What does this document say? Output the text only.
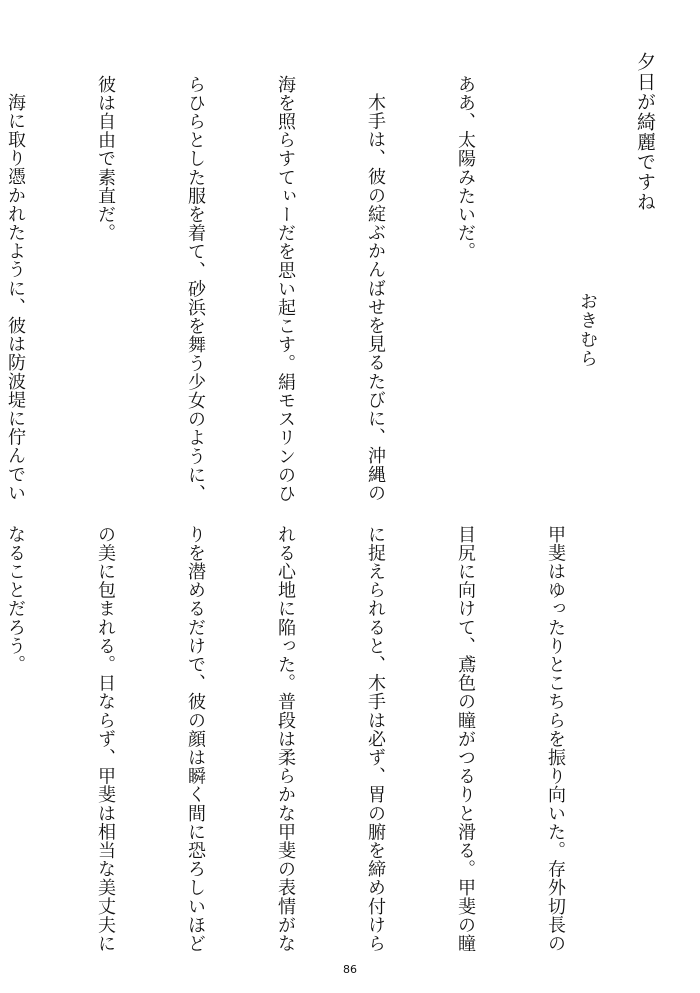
夕日が綺麗ですね
おきむら

ああ、太陽みたいだ。

木手は、彼の綻ぶかんばせを見るたびに、沖縄の

海を照らすてぃーだを思い起こす。絹モスリンのひ

らひらとした服を着て、砂浜を舞う少女のように、

彼は自由で素直だ。

海に取り憑かれたように、彼は防波堤に佇んでい

甲斐はゆったりとこちらを振り向いた。存外切長の

目尻に向けて、鳶色の瞳がつるりと滑る。甲斐の瞳

に捉えられると、木手は必ず、胃の腑を締め付けら

れる心地に陥った。普段は柔らかな甲斐の表情がな

りを潜めるだけで、彼の顔は瞬く間に恐ろしいほど

の美に包まれる。日ならず、甲斐は相当な美丈夫に

なることだろう。

86
